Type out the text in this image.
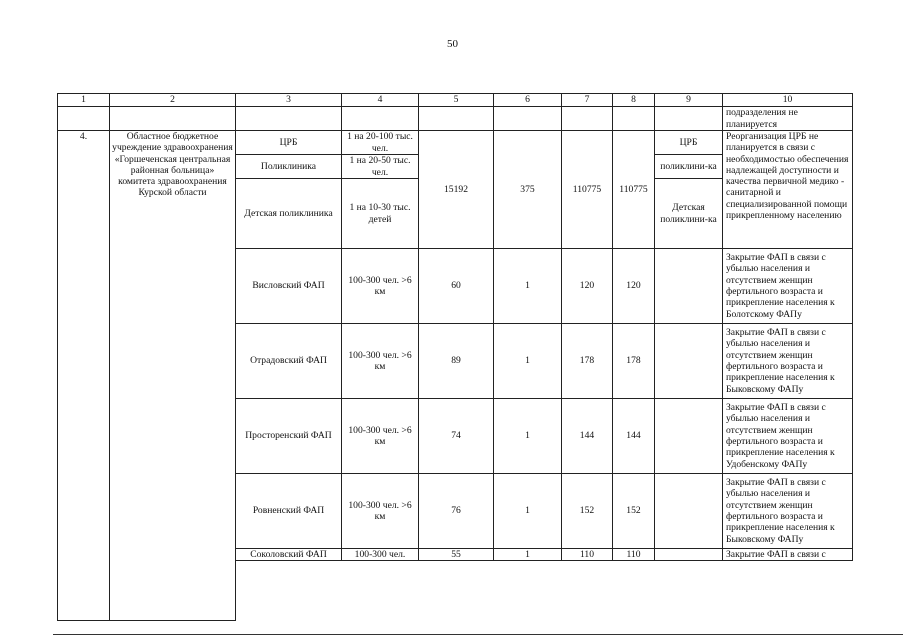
50
1	2	3	4	5	6	7	8	9	10
									подразделения не планируется
4.	Областное бюджетное учреждение здравоохранения «Горшеченская центральная районная больница» комитета здравоохранения Курской области	ЦРБ	1 на 20-100 тыс. чел.	15192	375	110775	110775	ЦРБ	Реорганизация ЦРБ не планируется в связи с необходимостью обеспечения надлежащей доступности и качества первичной медико - санитарной и специализированной помощи прикрепленному населению
		Поликлиника	1 на 20-50 тыс. чел.					поликлини-ка	
		Детская поликлиника	1 на 10-30 тыс. детей					Детская поликлини-ка	
		Висловский ФАП	100-300 чел. >6 км	60	1	120	120		Закрытие ФАП в связи с убылью населения и отсутствием женщин фертильного возраста и прикрепление населения к Болотскому ФАПу
		Отрадовский ФАП	100-300 чел. >6 км	89	1	178	178		Закрытие ФАП в связи с убылью населения и отсутствием женщин фертильного возраста и прикрепление населения к Быковскому ФАПу
		Просторенский ФАП	100-300 чел. >6 км	74	1	144	144		Закрытие ФАП в связи с убылью населения и отсутствием женщин фертильного возраста и прикрепление населения к Удобенскому ФАПу
		Ровненский ФАП	100-300 чел. >6 км	76	1	152	152		Закрытие ФАП в связи с убылью населения и отсутствием женщин фертильного возраста и прикрепление населения к Быковскому ФАПу
		Соколовский ФАП	100-300 чел.	55	1	110	110		Закрытие ФАП в связи с
